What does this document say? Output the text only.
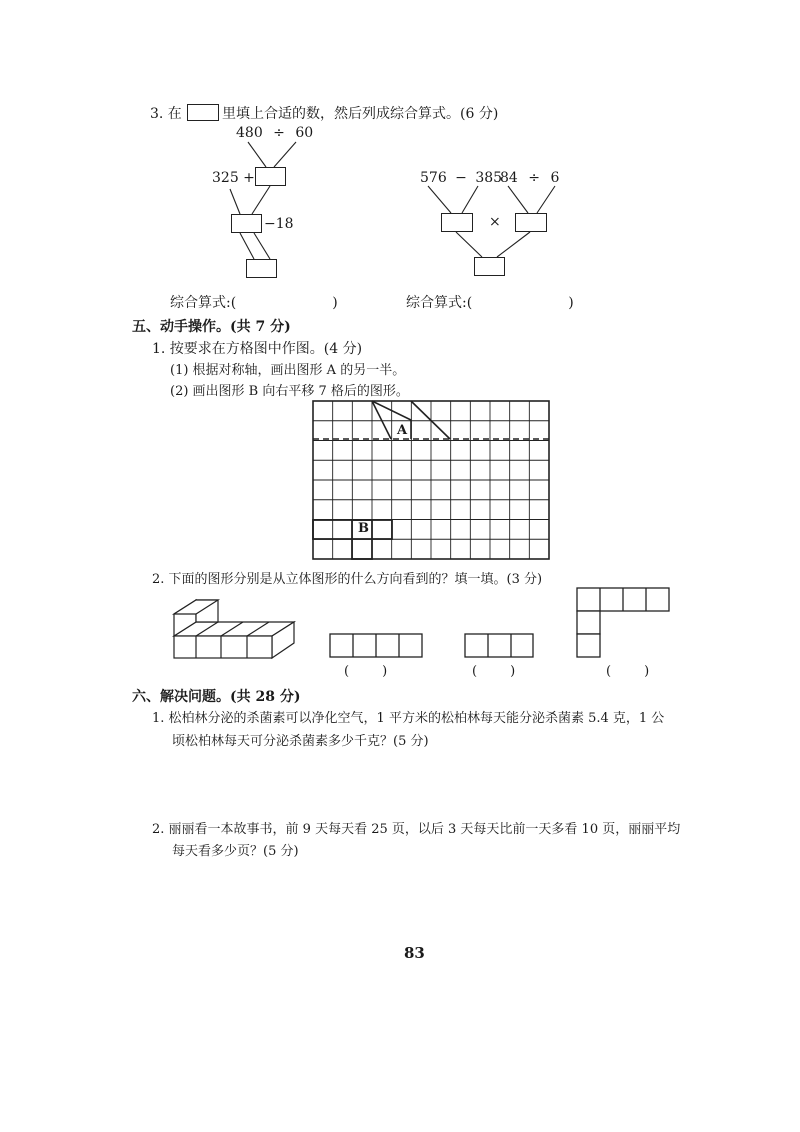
3. 在	里填上合适的数，然后列成综合算式。(6 分)
480 ÷ 60
325 +
−18
576 − 385
84 ÷ 6
×
综合算式:(	)	综合算式:(	)
五、动手操作。(共 7 分)
1. 按要求在方格图中作图。(4 分)
(1) 根据对称轴，画出图形 A 的另一半。
(2) 画出图形 B 向右平移 7 格后的图形。
A
B
2. 下面的图形分别是从立体图形的什么方向看到的？填一填。(3 分)
(        )	(        )	(        )
六、解决问题。(共 28 分)
1. 松柏林分泌的杀菌素可以净化空气，1 平方米的松柏林每天能分泌杀菌素 5.4 克，1 公
顷松柏林每天可分泌杀菌素多少千克？(5 分)
2. 丽丽看一本故事书，前 9 天每天看 25 页，以后 3 天每天比前一天多看 10 页，丽丽平均
每天看多少页？(5 分)
83
